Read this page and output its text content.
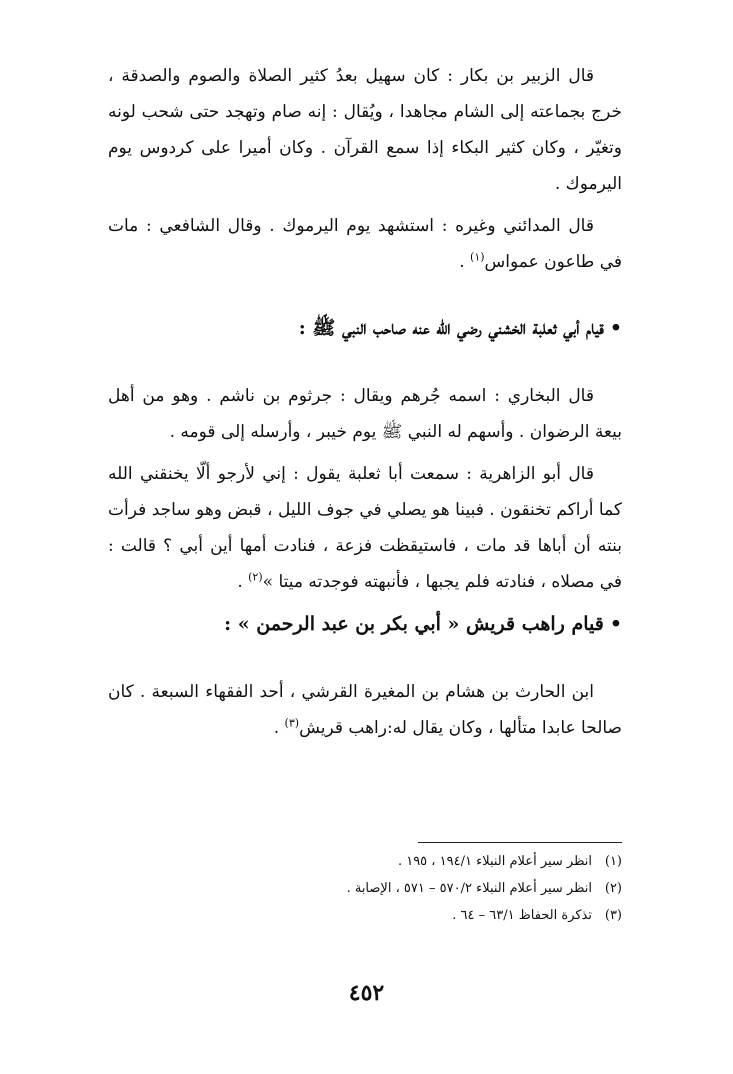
قال الزبير بن بكار : كان سهيل بعدُ كثير الصلاة والصوم والصدقة ، خرج بجماعته إلى الشام مجاهدا ، ويُقال : إنه صام وتهجد حتى شحب لونه وتغيّر ، وكان كثير البكاء إذا سمع القرآن . وكان أميرا على كردوس يوم اليرموك .

قال المدائني وغيره : استشهد يوم اليرموك . وقال الشافعي : مات في طاعون عمواس$^{(١)}$ .

•قيام أبي ثعلبة الخشني رضي الله عنه صاحب النبي ﷺ :

قال البخاري : اسمه جُرهم ويقال : جرثوم بن ناشم . وهو من أهل بيعة الرضوان . وأسهم له النبي ﷺ يوم خيبر ، وأرسله إلى قومه .

قال أبو الزاهرية : سمعت أبا ثعلبة يقول : إني لأرجو ألّا يخنقني الله كما أراكم تخنقون . فبينا هو يصلي في جوف الليل ، قبض وهو ساجد فرأت بنته أن أباها قد مات ، فاستيقظت فزعة ، فنادت أمها أين أبي ؟ قالت : في مصلاه ، فنادته فلم يجبها ، فأنبهته فوجدته ميتا »$^{(٢)}$ .

•قيام راهب قريش « أبي بكر بن عبد الرحمن » :

ابن الحارث بن هشام بن المغيرة القرشي ، أحد الفقهاء السبعة . كان صالحا عابدا متألها ، وكان يقال له:راهب قريش$^{(٣)}$ .

(١)انظر سير أعلام النبلاء ١٩٤/١ ، ١٩٥ .
(٢)انظر سير أعلام النبلاء ٥٧٠/٢ – ٥٧١ ، الإصابة .
(٣)تذكرة الحفاظ ٦٣/١ – ٦٤ .
٤٥٢
